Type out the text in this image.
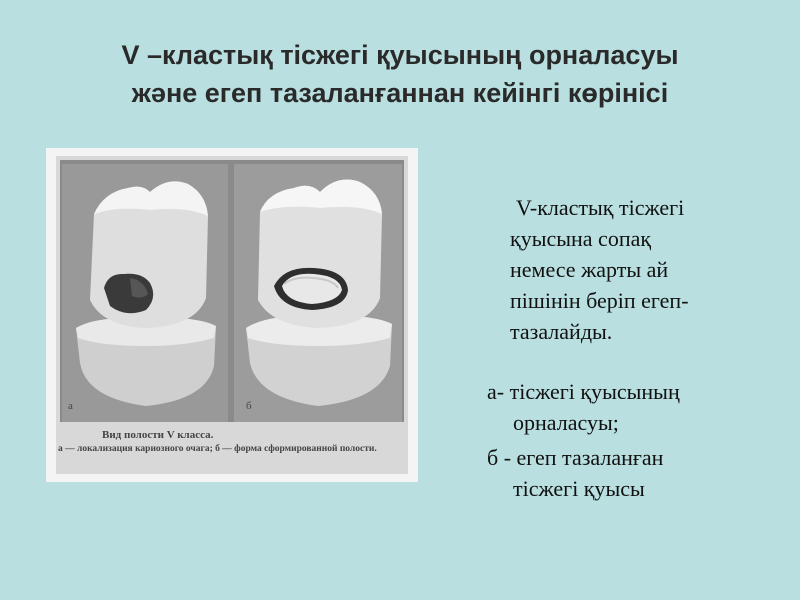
V –кластық тісжегі қуысының орналасуы
және егеп тазаланғаннан кейінгі көрінісі
а	б
Вид полости V класса.
а — локализация кариозного очага; б — форма сформированной полости.
V-кластық тісжегі
қуысына сопақ
немесе жарты ай
пішінін беріп егеп-
тазалайды.
а- тісжегі қуысының
орналасуы;
б - егеп тазаланған
тісжегі қуысы
